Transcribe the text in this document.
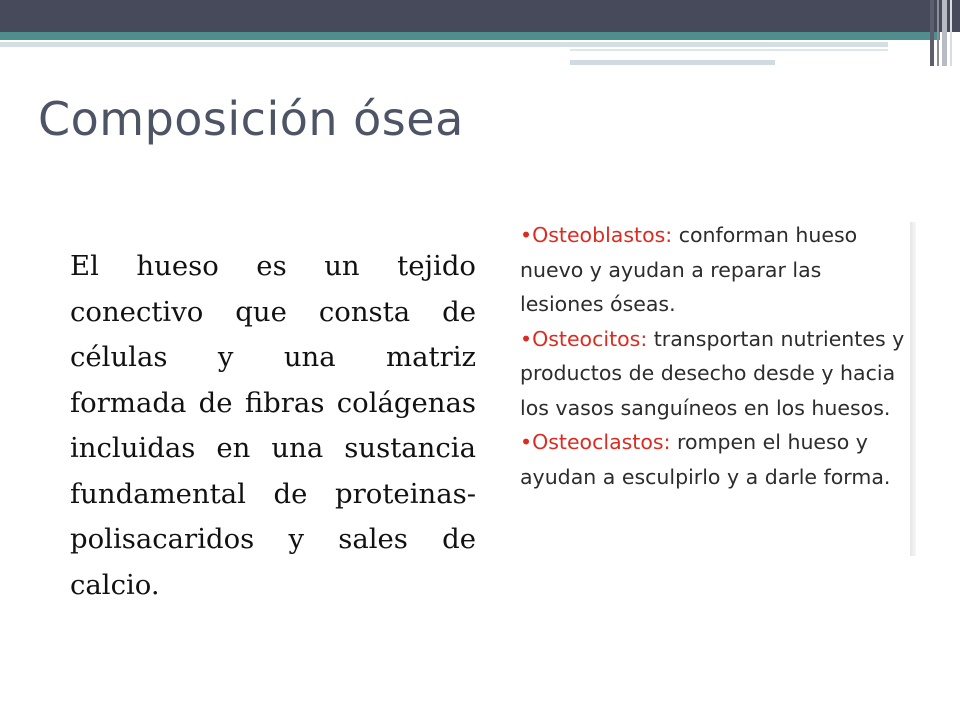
Composición ósea

El hueso es un tejido conectivo que consta de células y una matriz formada de fibras colágenas incluidas en una sustancia fundamental de proteinas-polisacaridos y sales de calcio.

•Osteoblastos: conforman hueso nuevo y ayudan a reparar las lesiones óseas.

•Osteocitos: transportan nutrientes y productos de desecho desde y hacia los vasos sanguíneos en los huesos.

•Osteoclastos: rompen el hueso y ayudan a esculpirlo y a darle forma.
